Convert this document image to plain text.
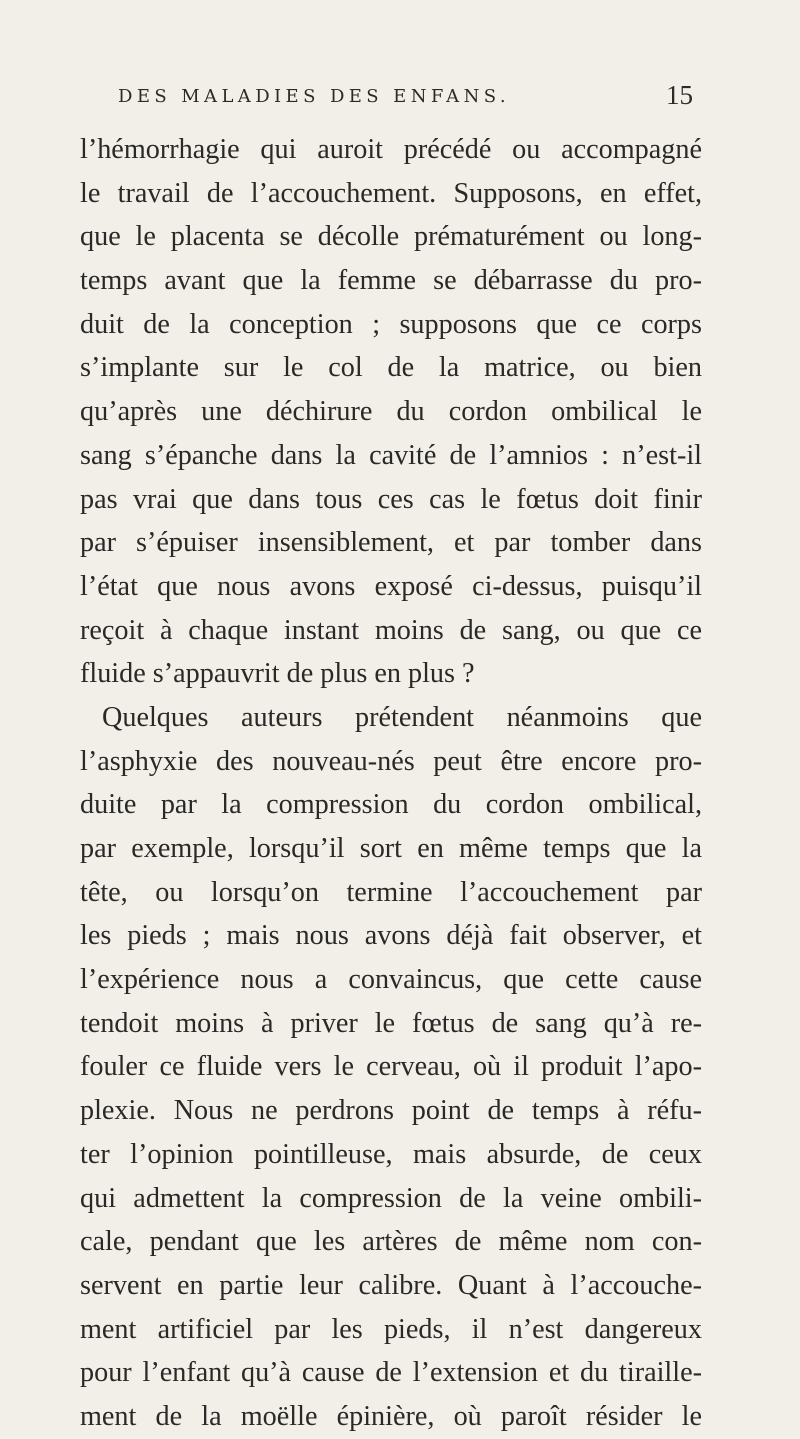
DES MALADIES DES ENFANS.	15
l’hémorrhagie qui auroit précédé ou accompagné
le travail de l’accouchement. Supposons, en effet,
que le placenta se décolle prématurément ou long-
temps avant que la femme se débarrasse du pro-
duit de la conception ; supposons que ce corps
s’implante sur le col de la matrice, ou bien
qu’après une déchirure du cordon ombilical le
sang s’épanche dans la cavité de l’amnios : n’est-il
pas vrai que dans tous ces cas le fœtus doit finir
par s’épuiser insensiblement, et par tomber dans
l’état que nous avons exposé ci-dessus, puisqu’il
reçoit à chaque instant moins de sang, ou que ce
fluide s’appauvrit de plus en plus ?
Quelques auteurs prétendent néanmoins que
l’asphyxie des nouveau-nés peut être encore pro-
duite par la compression du cordon ombilical,
par exemple, lorsqu’il sort en même temps que la
tête, ou lorsqu’on termine l’accouchement par
les pieds ; mais nous avons déjà fait observer, et
l’expérience nous a convaincus, que cette cause
tendoit moins à priver le fœtus de sang qu’à re-
fouler ce fluide vers le cerveau, où il produit l’apo-
plexie. Nous ne perdrons point de temps à réfu-
ter l’opinion pointilleuse, mais absurde, de ceux
qui admettent la compression de la veine ombili-
cale, pendant que les artères de même nom con-
servent en partie leur calibre. Quant à l’accouche-
ment artificiel par les pieds, il n’est dangereux
pour l’enfant qu’à cause de l’extension et du tiraille-
ment de la moëlle épinière, où paroît résider le
